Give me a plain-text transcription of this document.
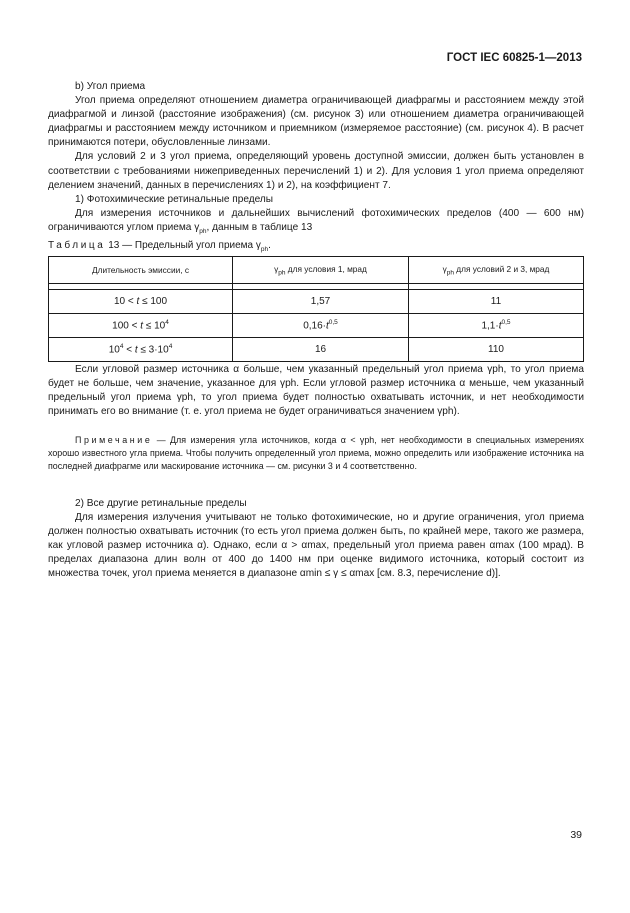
ГОСТ IEC 60825-1—2013

b) Угол приема

Угол приема определяют отношением диаметра ограничивающей диафрагмы и расстоянием между этой диафрагмой и линзой (расстояние изображения) (см. рисунок 3) или отношением диаметра ограничивающей диафрагмы и расстоянием между источником и приемником (измеряемое расстояние) (см. рисунок 4). В расчет принимаются потери, обусловленные линзами.

Для условий 2 и 3 угол приема, определяющий уровень доступной эмиссии, должен быть установлен в соответствии с требованиями нижеприведенных перечислений 1) и 2). Для условия 1 угол приема определяют делением значений, данных в перечислениях 1) и 2), на коэффициент 7.

1) Фотохимические ретинальные пределы

Для измерения источников и дальнейших вычислений фотохимических пределов (400 — 600 нм) ограничиваются углом приема $\gamma_{ph}$, данным в таблице 13

Таблица 13 — Предельный угол приема $\gamma_{ph}$.
Длительность эмиссии, с	$\gamma_{ph}$ для условия 1, мрад	$\gamma_{ph}$ для условий 2 и 3, мрад

10 < t ≤ 100	1,57	11
$100 < t \le 10^4$	$0,16\cdot t^{0,5}$	$1,1\cdot t^{0,5}$
$10^4 < t \le 3\cdot 10^4$	16	110

Если угловой размер источника α больше, чем указанный предельный угол приема γph, то угол приема будет не больше, чем значение, указанное для γph. Если угловой размер источника α меньше, чем указанный предельный угол приема γph, то угол приема будет полностью охватывать источник, и нет необходимости принимать его во внимание (т. е. угол приема не будет ограничиваться значением γph).

Примечание — Для измерения угла источников, когда α < γph, нет необходимости в специальных измерениях хорошо известного угла приема. Чтобы получить определенный угол приема, можно определить или изображение источника на последней диафрагме или маскирование источника — см. рисунки 3 и 4 соответственно.

2) Все другие ретинальные пределы

Для измерения излучения учитывают не только фотохимические, но и другие ограничения, угол приема должен полностью охватывать источник (то есть угол приема должен быть, по крайней мере, такого же размера, как угловой размер источника α). Однако, если α > αmax, предельный угол приема равен αmax (100 мрад). В пределах диапазона длин волн от 400 до 1400 нм при оценке видимого источника, который состоит из множества точек, угол приема меняется в диапазоне αmin ≤ γ ≤ αmax [см. 8.3, перечисление d)].

39
